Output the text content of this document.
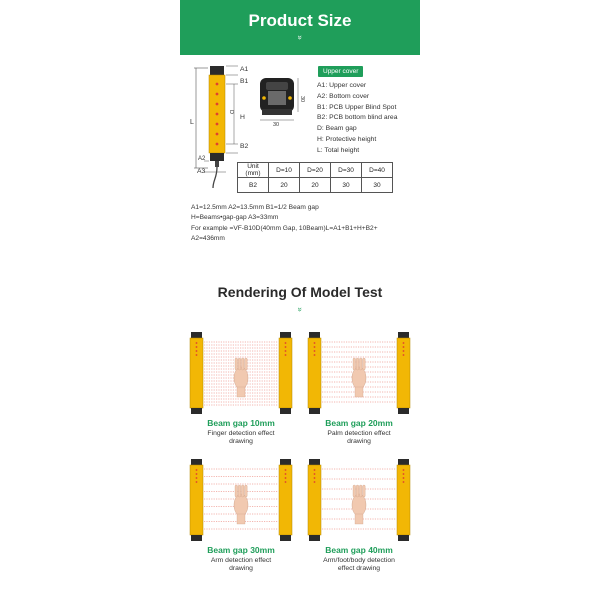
Product Size
»
L
A1
B1
H
B2
D
A2
A3
30
30
Upper cover
A1: Upper cover
A2: Bottom cover
B1: PCB Upper Blind Spot
B2: PCB bottom blind area
D: Beam gap
H: Protective height
L: Total height
Unit
(mm)	D=10	D=20	D=30	D=40
B2	20	20	30	30
A1=12.5mm A2=13.5mm B1=1/2 Beam gap
H=Beams•gap-gap A3=33mm
For example =VF-B10D(40mm Gap, 10Beam)L=A1+B1+H+B2+
A2=436mm
Rendering Of Model Test
»
Beam gap 10mm
Finger detection effect
drawing
Beam gap 20mm
Palm detection effect
drawing
Beam gap 30mm
Arm detection effect
drawing
Beam gap 40mm
Arm/foot/body detection
effect drawing
